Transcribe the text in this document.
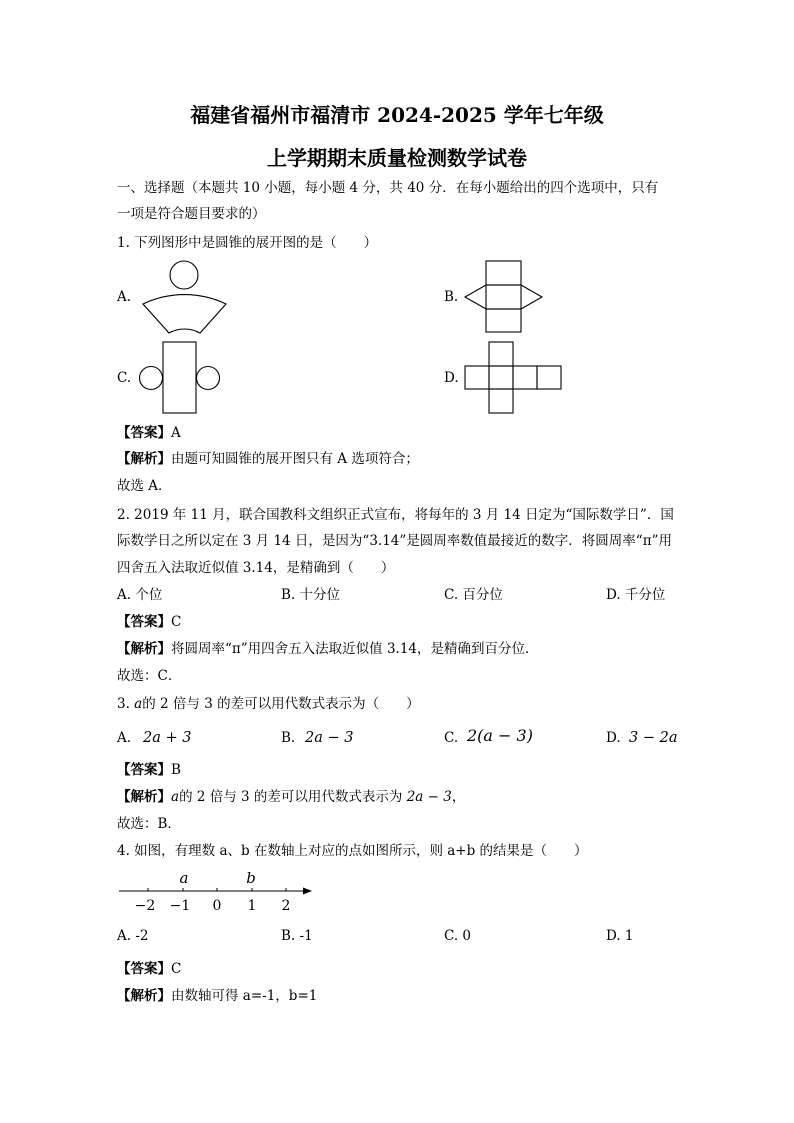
福建省福州市福清市 2024-2025 学年七年级
上学期期末质量检测数学试卷
一、选择题（本题共 10 小题，每小题 4 分，共 40 分．在每小题给出的四个选项中，只有
一项是符合题目要求的）
1. 下列图形中是圆锥的展开图的是（　　）
A.	B.
C.	D.
【答案】A
【解析】由题可知圆锥的展开图只有 A 选项符合；
故选 A．
2. 2019 年 11 月，联合国教科文组织正式宣布，将每年的 3 月 14 日定为“国际数学日”．国
际数学日之所以定在 3 月 14 日，是因为“3.14”是圆周率数值最接近的数字．将圆周率“π”用
四舍五入法取近似值 3.14，是精确到（　　）
A. 个位	B. 十分位	C. 百分位	D. 千分位
【答案】C
【解析】将圆周率“π”用四舍五入法取近似值 3.14，是精确到百分位．
故选：C．
3. a的 2 倍与 3 的差可以用代数式表示为（　　）
A. 2a + 3	B. 2a − 3	C. 2(a − 3)	D. 3 − 2a
【答案】B
【解析】a的 2 倍与 3 的差可以用代数式表示为 2a − 3，
故选：B．
4. 如图，有理数 a、b 在数轴上对应的点如图所示，则 a+b 的结果是（　　）
a	b
−2 −1 0 1 2
A. -2	B. -1	C. 0	D. 1
【答案】C
【解析】由数轴可得 a=-1，b=1
